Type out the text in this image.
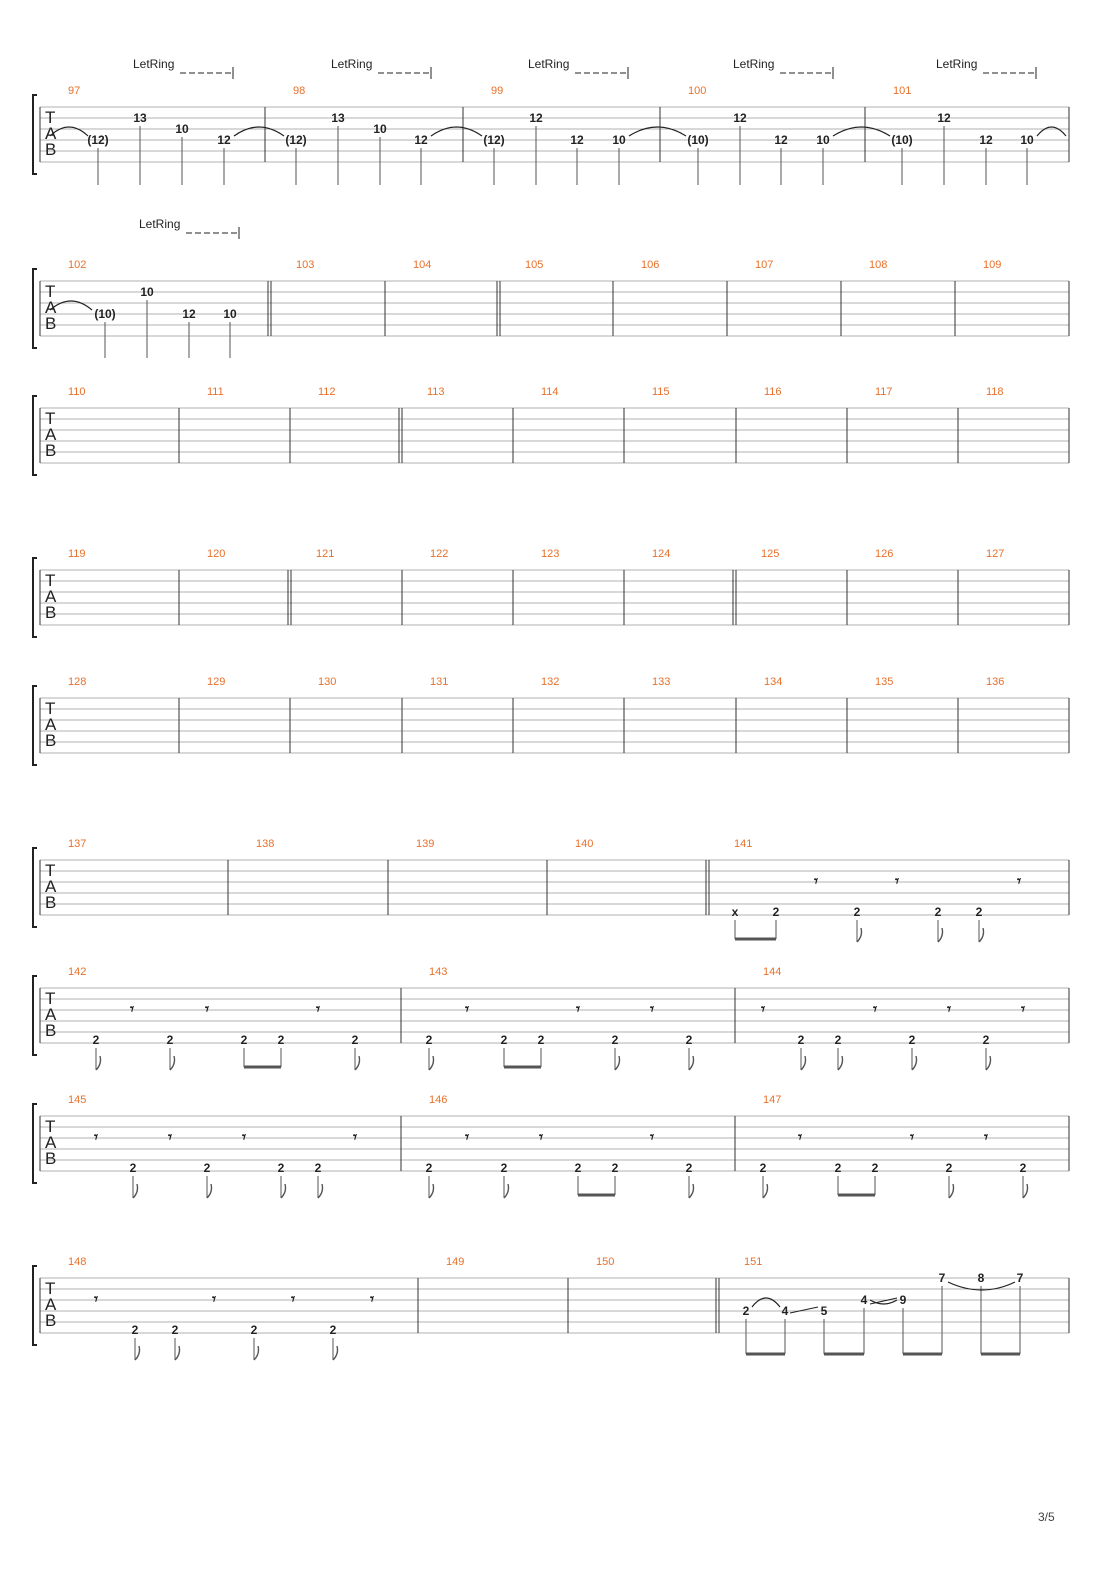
T
A
B
97	98	99	100	101
T
A
B
102	103	104	105	106	107	108	109
T
A
B
110	111	112	113	114	115	116	117	118
T
A
B
119	120	121	122	123	124	125	126	127
T
A
B
128	129	130	131	132	133	134	135	136
T
A
B
137	138	139	140	141
T
A
B
142	143	144
T
A
B
145	146	147
T
A
B
148	149	150	151
LetRing	LetRing	LetRing	LetRing	LetRing
LetRing
(12)
13
10
12	(12)
13
10
12	(12)
12
12 10	(10)
12
12 10	(10)
12
12 10
(10)
10
12 10
x	2	2	2	2
𝄾	𝄾	𝄾
2	2	2	2	2
𝄾	𝄾	𝄾
2	2	2	2	2
𝄾	𝄾	𝄾
2	2	2	2
𝄾	𝄾	𝄾	𝄾
2	2	2	2
𝄾	𝄾	𝄾	𝄾
2	2	2	2	2
𝄾	𝄾	𝄾
2	2	2	2	2
𝄾	𝄾	𝄾
2	2	2	2
𝄾	𝄾	𝄾	𝄾
2	4	5
4	9
7	8	7
3/5
